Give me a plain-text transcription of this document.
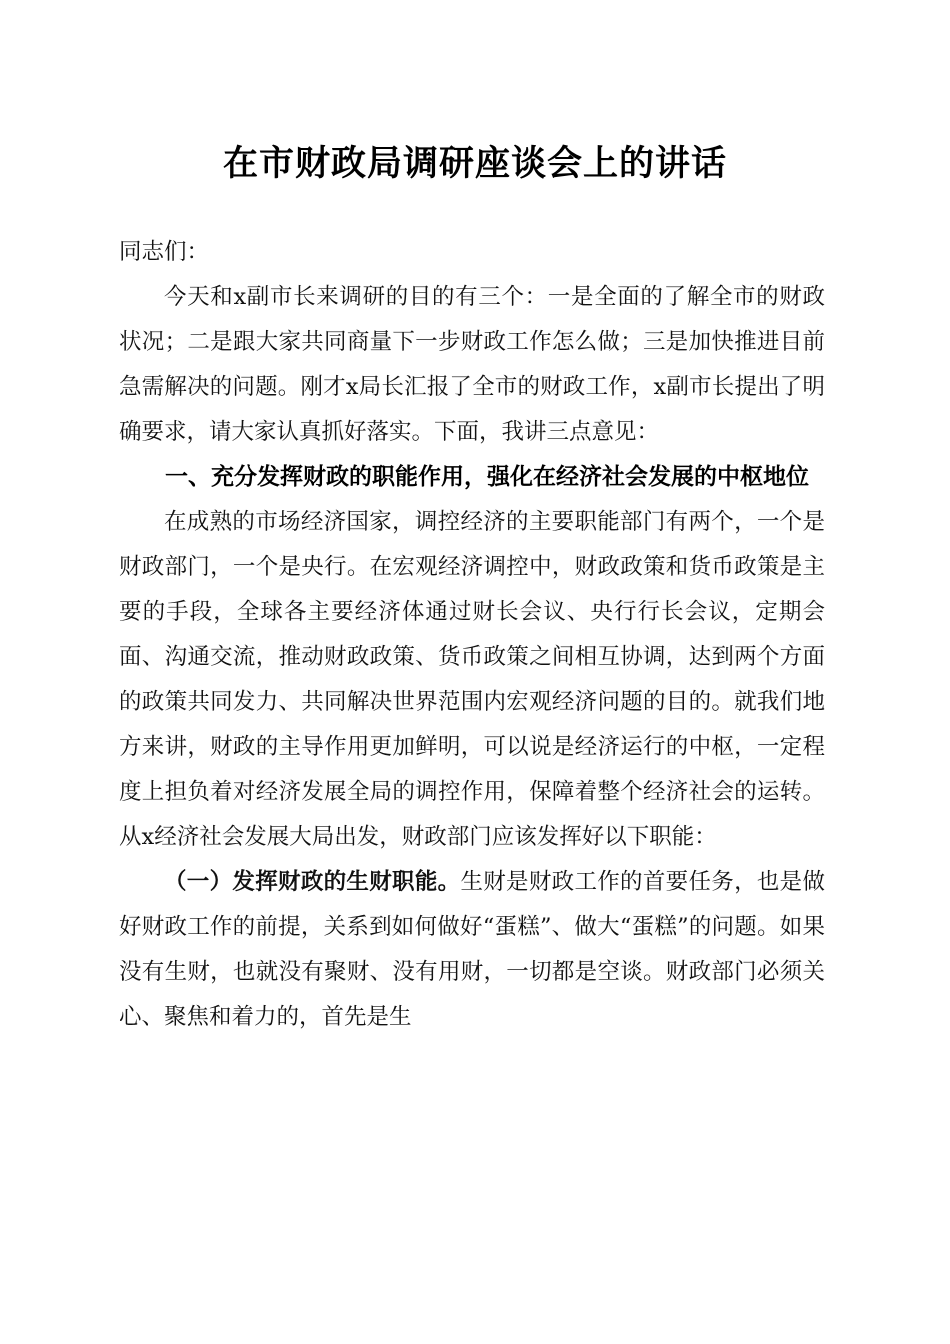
在市财政局调研座谈会上的讲话

同志们：

今天和x副市长来调研的目的有三个：一是全面的了解全市的财政状况；二是跟大家共同商量下一步财政工作怎么做；三是加快推进目前急需解决的问题。刚才x局长汇报了全市的财政工作，x副市长提出了明确要求，请大家认真抓好落实。下面，我讲三点意见：

一、充分发挥财政的职能作用，强化在经济社会发展的中枢地位

在成熟的市场经济国家，调控经济的主要职能部门有两个，一个是财政部门，一个是央行。在宏观经济调控中，财政政策和货币政策是主要的手段，全球各主要经济体通过财长会议、央行行长会议，定期会面、沟通交流，推动财政政策、货币政策之间相互协调，达到两个方面的政策共同发力、共同解决世界范围内宏观经济问题的目的。就我们地方来讲，财政的主导作用更加鲜明，可以说是经济运行的中枢，一定程度上担负着对经济发展全局的调控作用，保障着整个经济社会的运转。从x经济社会发展大局出发，财政部门应该发挥好以下职能：

（一）发挥财政的生财职能。生财是财政工作的首要任务，也是做好财政工作的前提，关系到如何做好“蛋糕”、做大“蛋糕”的问题。如果没有生财，也就没有聚财、没有用财，一切都是空谈。财政部门必须关心、聚焦和着力的，首先是生
